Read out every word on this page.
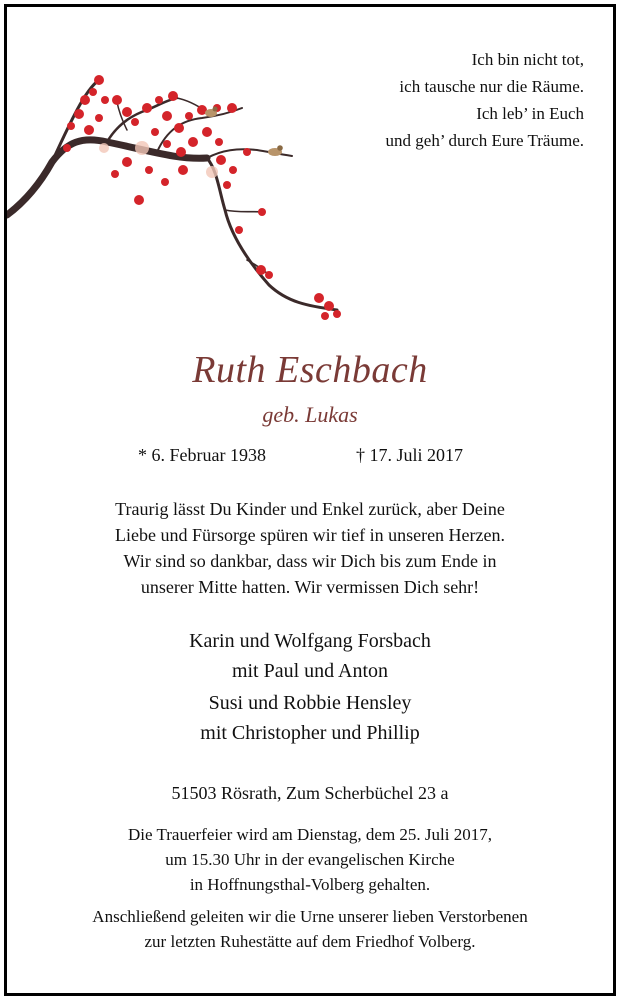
Ich bin nicht tot,
ich tausche nur die Räume.
Ich leb’ in Euch
und geh’ durch Eure Träume.
Ruth Eschbach
geb. Lukas
* 6. Februar 1938	† 17. Juli 2017
Traurig lässt Du Kinder und Enkel zurück, aber Deine
Liebe und Fürsorge spüren wir tief in unseren Herzen.
Wir sind so dankbar, dass wir Dich bis zum Ende in
unserer Mitte hatten. Wir vermissen Dich sehr!
Karin und Wolfgang Forsbach
mit Paul und Anton
Susi und Robbie Hensley
mit Christopher und Phillip
51503 Rösrath, Zum Scherbüchel 23 a
Die Trauerfeier wird am Dienstag, dem 25. Juli 2017,
um 15.30 Uhr in der evangelischen Kirche
in Hoffnungsthal-Volberg gehalten.
Anschließend geleiten wir die Urne unserer lieben Verstorbenen
zur letzten Ruhestätte auf dem Friedhof Volberg.
